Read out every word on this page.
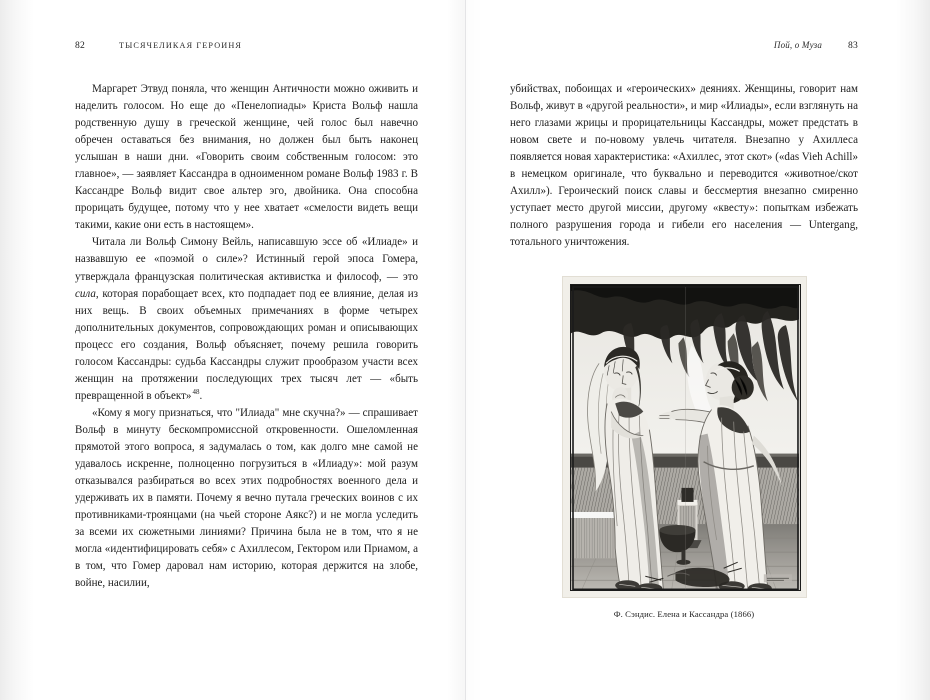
82	ТЫСЯЧЕЛИКАЯ ГЕРОИНЯ

Маргарет Этвуд поняла, что женщин Античности можно оживить и наделить голосом. Но еще до «Пенелопиады» Криста Вольф нашла родственную душу в греческой женщине, чей голос был навечно обречен оставаться без внимания, но должен был быть наконец услышан в наши дни. «Говорить своим собственным голосом: это главное», — заявляет Кассандра в одноименном романе Вольф 1983 г. В Кассандре Вольф видит свое альтер эго, двойника. Она способна прорицать будущее, потому что у нее хватает «смелости видеть вещи такими, какие они есть в настоящем».

Читала ли Вольф Симону Вейль, написавшую эссе об «Илиаде» и назвавшую ее «поэмой о силе»? Истинный герой эпоса Гомера, утверждала французская политическая активистка и философ, — это сила, которая порабощает всех, кто подпадает под ее влияние, делая из них вещь. В своих объемных примечаниях в форме четырех дополнительных документов, сопровождающих роман и описывающих процесс его создания, Вольф объясняет, почему решила говорить голосом Кассандры: судьба Кассандры служит прообразом участи всех женщин на протяжении последующих трех тысяч лет — «быть превращенной в объект»$^{48}$.

«Кому я могу признаться, что "Илиада" мне скучна?» — спрашивает Вольф в минуту бескомпромиссной откровенности. Ошеломленная прямотой этого вопроса, я задумалась о том, как долго мне самой не удавалось искренне, полноценно погрузиться в «Илиаду»: мой разум отказывался разбираться во всех этих подробностях военного дела и удерживать их в памяти. Почему я вечно путала греческих воинов с их противниками-троянцами (на чьей стороне Аякс?) и не могла уследить за всеми их сюжетными линиями? Причина была не в том, что я не могла «идентифицировать себя» с Ахиллесом, Гектором или Приамом, а в том, что Гомер даровал нам историю, которая держится на злобе, войне, насилии,

Пой, о Муза	83

убийствах, побоищах и «героических» деяниях. Женщины, говорит нам Вольф, живут в «другой реальности», и мир «Илиады», если взглянуть на него глазами жрицы и прорицательницы Кассандры, может предстать в новом свете и по-новому увлечь читателя. Внезапно у Ахиллеса появляется новая характеристика: «Ахиллес, этот скот» («das Vieh Achill» в немецком оригинале, что буквально и переводится «животное/скот Ахилл»). Героический поиск славы и бессмертия внезапно смиренно уступает место другой миссии, другому «квесту»: попыткам избежать полного разрушения города и гибели его населения — Untergang, тотального уничтожения.

Ф. Сэндис. Елена и Кассандра (1866)
